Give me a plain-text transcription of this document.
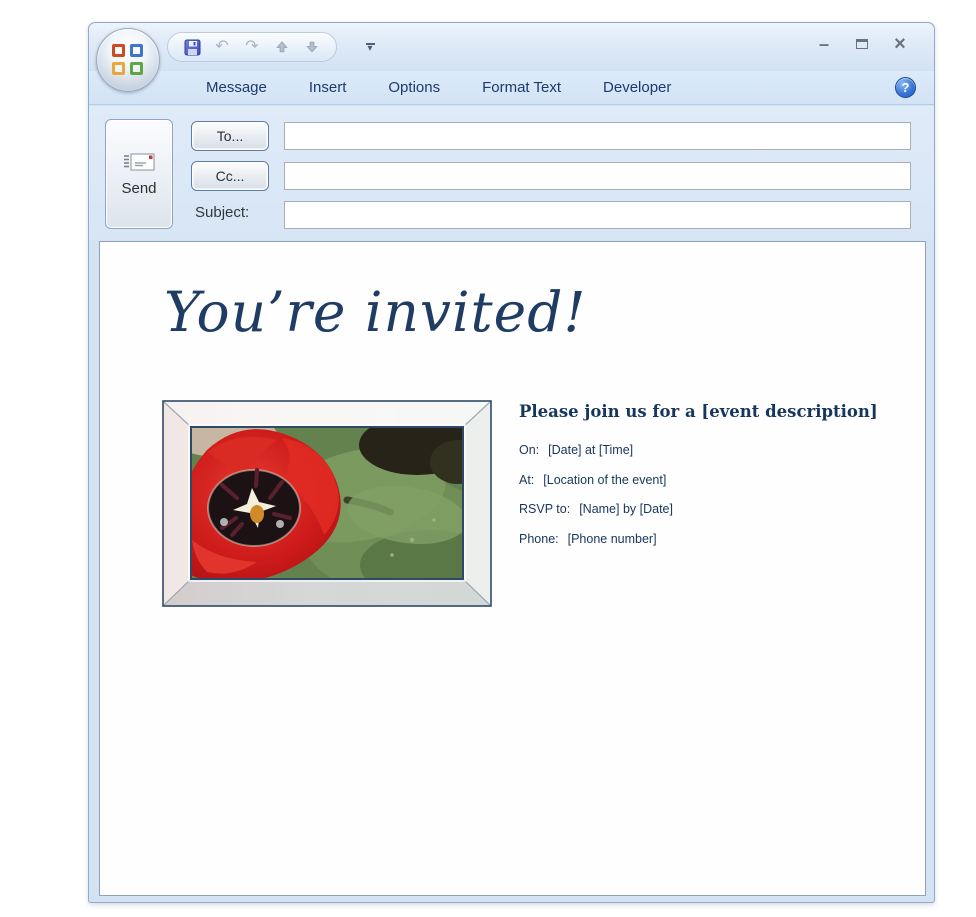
↶ ↷	▾	–	×
Message	Insert	Options	Format Text	Developer	?
Send
To...
Cc...
Subject:
You’re invited!
Please join us for a [event description]
On: [Date] at [Time]
At: [Location of the event]
RSVP to: [Name] by [Date]
Phone: [Phone number]
